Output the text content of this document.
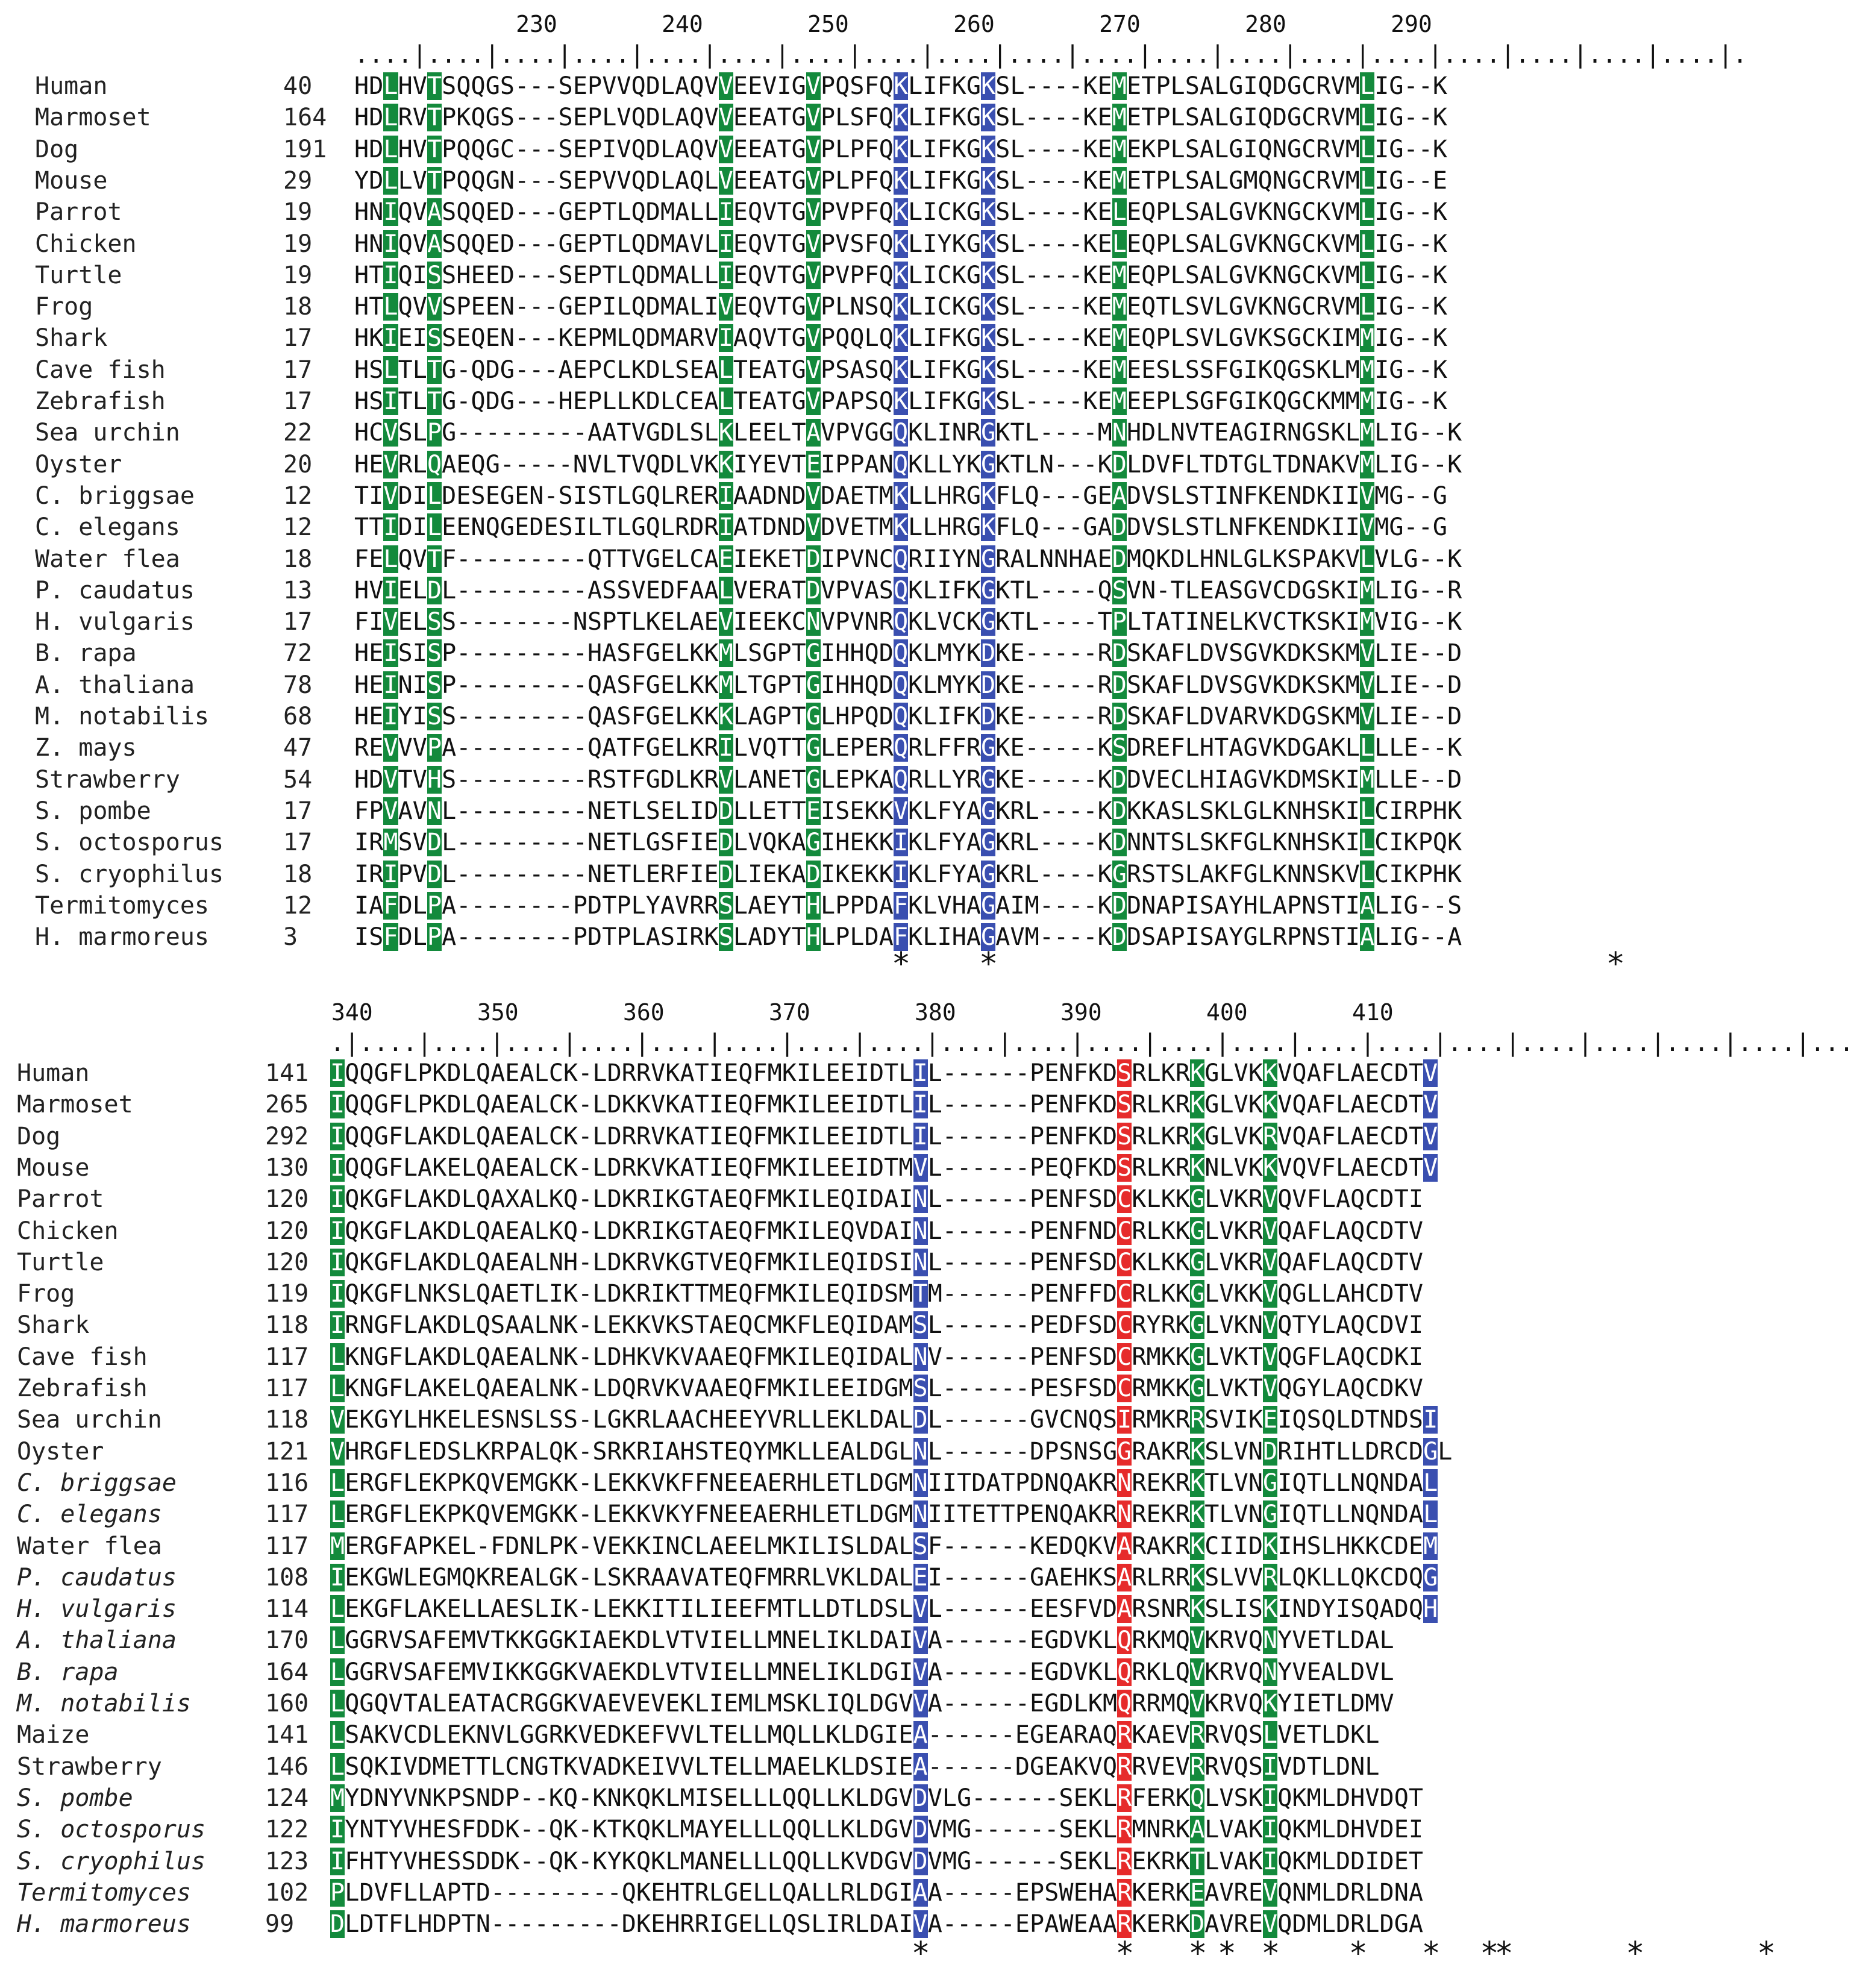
230	240	250	260	270	280	290
....|....|....|....|....|....|....|....|....|....|....|....|....|....|....|....|....|....|....|.
Human	40 HDLHVTSQQGS---SEPVVQDLAQVVEEVIGVPQSFQKLIFKGKSL----KEMETPLSALGIQDGCRVMLIG--K
Marmoset	164 HDLRVTPKQGS---SEPLVQDLAQVVEEATGVPLSFQKLIFKGKSL----KEMETPLSALGIQDGCRVMLIG--K
Dog	191 HDLHVTPQQGC---SEPIVQDLAQVVEEATGVPLPFQKLIFKGKSL----KEMEKPLSALGIQNGCRVMLIG--K
Mouse	29 YDLLVTPQQGN---SEPVVQDLAQLVEEATGVPLPFQKLIFKGKSL----KEMETPLSALGMQNGCRVMLIG--E
Parrot	19 HNIQVASQQED---GEPTLQDMALLIEQVTGVPVPFQKLICKGKSL----KELEQPLSALGVKNGCKVMLIG--K
Chicken	19 HNIQVASQQED---GEPTLQDMAVLIEQVTGVPVSFQKLIYKGKSL----KELEQPLSALGVKNGCKVMLIG--K
Turtle	19 HTIQISSHEED---SEPTLQDMALLIEQVTGVPVPFQKLICKGKSL----KEMEQPLSALGVKNGCKVMLIG--K
Frog	18 HTLQVVSPEEN---GEPILQDMALIVEQVTGVPLNSQKLICKGKSL----KEMEQTLSVLGVKNGCRVMLIG--K
Shark	17 HKIEISSEQEN---KEPMLQDMARVIAQVTGVPQQLQKLIFKGKSL----KEMEQPLSVLGVKSGCKIMMIG--K
Cave fish	17 HSLTLTG-QDG---AEPCLKDLSEALTEATGVPSASQKLIFKGKSL----KEMEESLSSFGIKQGSKLMMIG--K
Zebrafish	17 HSITLTG-QDG---HEPLLKDLCEALTEATGVPAPSQKLIFKGKSL----KEMEEPLSGFGIKQGCKMMMIG--K
Sea urchin	22 HCVSLPG---------AATVGDLSLKLEELTAVPVGGQKLINRGKTL----MNHDLNVTEAGIRNGSKLMLIG--K
Oyster	20 HEVRLQAEQG-----NVLTVQDLVKKIYEVTEIPPANQKLLYKGKTLN---KDLDVFLTDTGLTDNAKVMLIG--K
C. briggsae	12 TIVDILDESEGEN-SISTLGQLRERIAADNDVDAETMKLLHRGKFLQ---GEADVSLSTINFKENDKIIVMG--G
C. elegans	12 TTIDILEENQGEDESILTLGQLRDRIATDNDVDVETMKLLHRGKFLQ---GADDVSLSTLNFKENDKIIVMG--G
Water flea	18 FELQVTF---------QTTVGELCAEIEKETDIPVNCQRIIYNGRALNNHAEDMQKDLHNLGLKSPAKVLVLG--K
P. caudatus	13 HVIELDL---------ASSVEDFAALVERATDVPVASQKLIFKGKTL----QSVN-TLEASGVCDGSKIMLIG--R
H. vulgaris	17 FIVELSS--------NSPTLKELAEVIEEKCNVPVNRQKLVCKGKTL----TPLTATINELKVCTKSKIMVIG--K
B. rapa	72 HEISISP---------HASFGELKKMLSGPTGIHHQDQKLMYKDKE-----RDSKAFLDVSGVKDKSKMVLIE--D
A. thaliana	78 HEINISP---------QASFGELKKMLTGPTGIHHQDQKLMYKDKE-----RDSKAFLDVSGVKDKSKMVLIE--D
M. notabilis	68 HEIYISS---------QASFGELKKKLAGPTGLHPQDQKLIFKDKE-----RDSKAFLDVARVKDGSKMVLIE--D
Z. mays	47 REVVVPA---------QATFGELKRILVQTTGLEPERQRLFFRGKE-----KSDREFLHTAGVKDGAKLLLLE--K
Strawberry	54 HDVTVHS---------RSTFGDLKRVLANETGLEPKAQRLLYRGKE-----KDDVECLHIAGVKDMSKIMLLE--D
S. pombe	17 FPVAVNL---------NETLSELIDDLLETTEISEKKVKLFYAGKRL----KDKKASLSKLGLKNHSKILCIRPHK
S. octosporus 17 IRMSVDL---------NETLGSFIEDLVQKAGIHEKKIKLFYAGKRL----KDNNTSLSKFGLKNHSKILCIKPQK
S. cryophilus 18 IRIPVDL---------NETLERFIEDLIEKADIKEKKIKLFYAGKRL----KGRSTSLAKFGLKNNSKVLCIKPHK
Termitomyces	12 IAFDLPA--------PDTPLYAVRRSLAEYTHLPPDAFKLVHAGAIM----KDDNAPISAYHLAPNSTIALIG--S
H. marmoreus	3 ISFDLPA--------PDTPLASIRKSLADYTHLPLDAFKLIHAGAVM----KDDSAPISAYGLRPNSTIALIG--A
* *	*
340	350	360	370	380	390	400	410
.|....|....|....|....|....|....|....|....|....|....|....|....|....|....|....|....|....|....|....|....|...
Human	141 IQQGFLPKDLQAEALCK-LDRRVKATIEQFMKILEEIDTLIL------PENFKDSRLKRKGLVKKVQAFLAECDTV
Marmoset	265 IQQGFLPKDLQAEALCK-LDKKVKATIEQFMKILEEIDTLIL------PENFKDSRLKRKGLVKKVQAFLAECDTV
Dog	292 IQQGFLAKDLQAEALCK-LDRRVKATIEQFMKILEEIDTLIL------PENFKDSRLKRKGLVKRVQAFLAECDTV
Mouse	130 IQQGFLAKELQAEALCK-LDRKVKATIEQFMKILEEIDTMVL------PEQFKDSRLKRKNLVKKVQVFLAECDTV
Parrot	120 IQKGFLAKDLQAXALKQ-LDKRIKGTAEQFMKILEQIDAINL------PENFSDCKLKKGLVKRVQVFLAQCDTI
Chicken	120 IQKGFLAKDLQAEALKQ-LDKRIKGTAEQFMKILEQVDAINL------PENFNDCRLKKGLVKRVQAFLAQCDTV
Turtle	120 IQKGFLAKDLQAEALNH-LDKRVKGTVEQFMKILEQIDSINL------PENFSDCKLKKGLVKRVQAFLAQCDTV
Frog	119 IQKGFLNKSLQAETLIK-LDKRIKTTMEQFMKILEQIDSMTM------PENFFDCRLKKGLVKKVQGLLAHCDTV
Shark	118 IRNGFLAKDLQSAALNK-LEKKVKSTAEQCMKFLEQIDAMSL------PEDFSDCRYRKGLVKNVQTYLAQCDVI
Cave fish	117 LKNGFLAKDLQAEALNK-LDHKVKVAAEQFMKILEQIDALNV------PENFSDCRMKKGLVKTVQGFLAQCDKI
Zebrafish	117 LKNGFLAKELQAEALNK-LDQRVKVAAEQFMKILEEIDGMSL------PESFSDCRMKKGLVKTVQGYLAQCDKV
Sea urchin	118 VEKGYLHKELESNSLSS-LGKRLAACHEEYVRLLEKLDALDL------GVCNQSIRMKRRSVIKEIQSQLDTNDSI
Oyster	121 VHRGFLEDSLKRPALQK-SRKRIAHSTEQYMKLLEALDGLNL------DPSNSGGRAKRKSLVNDRIHTLLDRCDGL
C. briggsae	116 LERGFLEKPKQVEMGKK-LEKKVKFFNEEAERHLETLDGMNIITDATPDNQAKRNREKRKTLVNGIQTLLNQNDAL
C. elegans	117 LERGFLEKPKQVEMGKK-LEKKVKYFNEEAERHLETLDGMNIITETTPENQAKRNREKRKTLVNGIQTLLNQNDAL
Water flea	117 MERGFAPKEL-FDNLPK-VEKKINCLAEELMKILISLDALSF------KEDQKVARAKRKCIIDKIHSLHKKCDEM
P. caudatus	108 IEKGWLEGMQKREALGK-LSKRAAVATEQFMRRLVKLDALEI------GAEHKSARLRRKSLVVRLQKLLQKCDQG
H. vulgaris	114 LEKGFLAKELLAESLIK-LEKKITILIEEFMTLLDTLDSLVL------EESFVDARSNRKSLISKINDYISQADQH
A. thaliana	170 LGGRVSAFEMVTKKGGKIAEKDLVTVIELLMNELIKLDAIVA------EGDVKLQRKMQVKRVQNYVETLDAL
B. rapa	164 LGGRVSAFEMVIKKGGKVAEKDLVTVIELLMNELIKLDGIVA------EGDVKLQRKLQVKRVQNYVEALDVL
M. notabilis	160 LQGQVTALEATACRGGKVAEVEVEKLIEMLMSKLIQLDGVVA------EGDLKMQRRMQVKRVQKYIETLDMV
Maize	141 LSAKVCDLEKNVLGGRKVEDKEFVVLTELLMQLLKLDGIEA------EGEARAQRKAEVRRVQSLVETLDKL
Strawberry	146 LSQKIVDMETTLCNGTKVADKEIVVLTELLMAELKLDSIEA------DGEAKVQRRVEVRRVQSIVDTLDNL
S. pombe	124 MYDNYVNKPSNDP--KQ-KNKQKLMISELLLQQLLKLDGVDVLG------SEKLRFERKQLVSKIQKMLDHVDQT
S. octosporus 122 IYNTYVHESFDDK--QK-KTKQKLMAYELLLQQLLKLDGVDVMG------SEKLRMNRKALVAKIQKMLDHVDEI
S. cryophilus 123 IFHTYVHESSDDK--QK-KYKQKLMANELLLQQLLKVDGVDVMG------SEKLREKRKTLVAKIQKMLDDIDET
Termitomyces	102 PLDVFLLAPTD---------QKEHTRLGELLQALLRLDGIAA-----EPSWEHARKERKEAVREVQNMLDRLDNA
H. marmoreus	99 DLDTFLHDPTN---------DKEHRRIGELLQSLIRLDAIVA-----EPAWEAARKERKDAVREVQDMLDRLDGA
*	* * * * * * *
*	*	*
